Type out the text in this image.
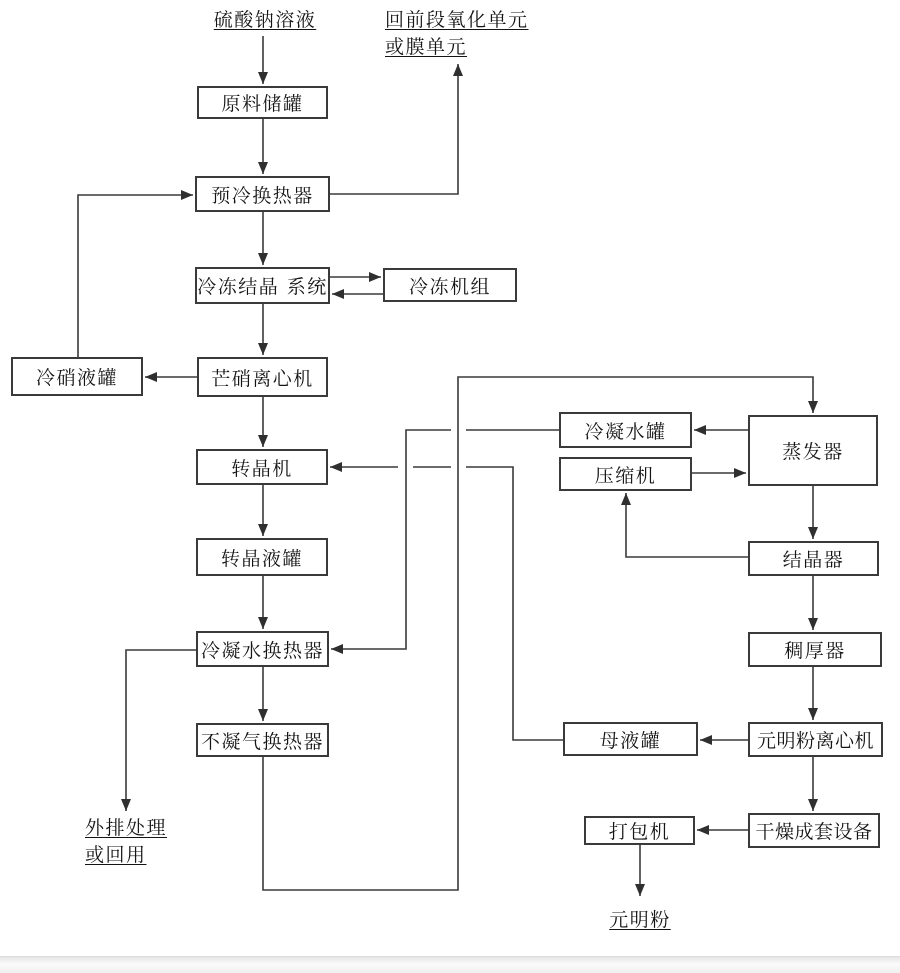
硫酸钠溶液	回前段氧化单元
或膜单元
外排处理
或回用
元明粉
原料储罐
预冷换热器
冷冻结晶 系统	冷冻机组
冷硝液罐	芒硝离心机
转晶机
转晶液罐
冷凝水换热器
不凝气换热器
冷凝水罐
压缩机
蒸发器
结晶器
稠厚器
母液罐	元明粉离心机
打包机	干燥成套设备
